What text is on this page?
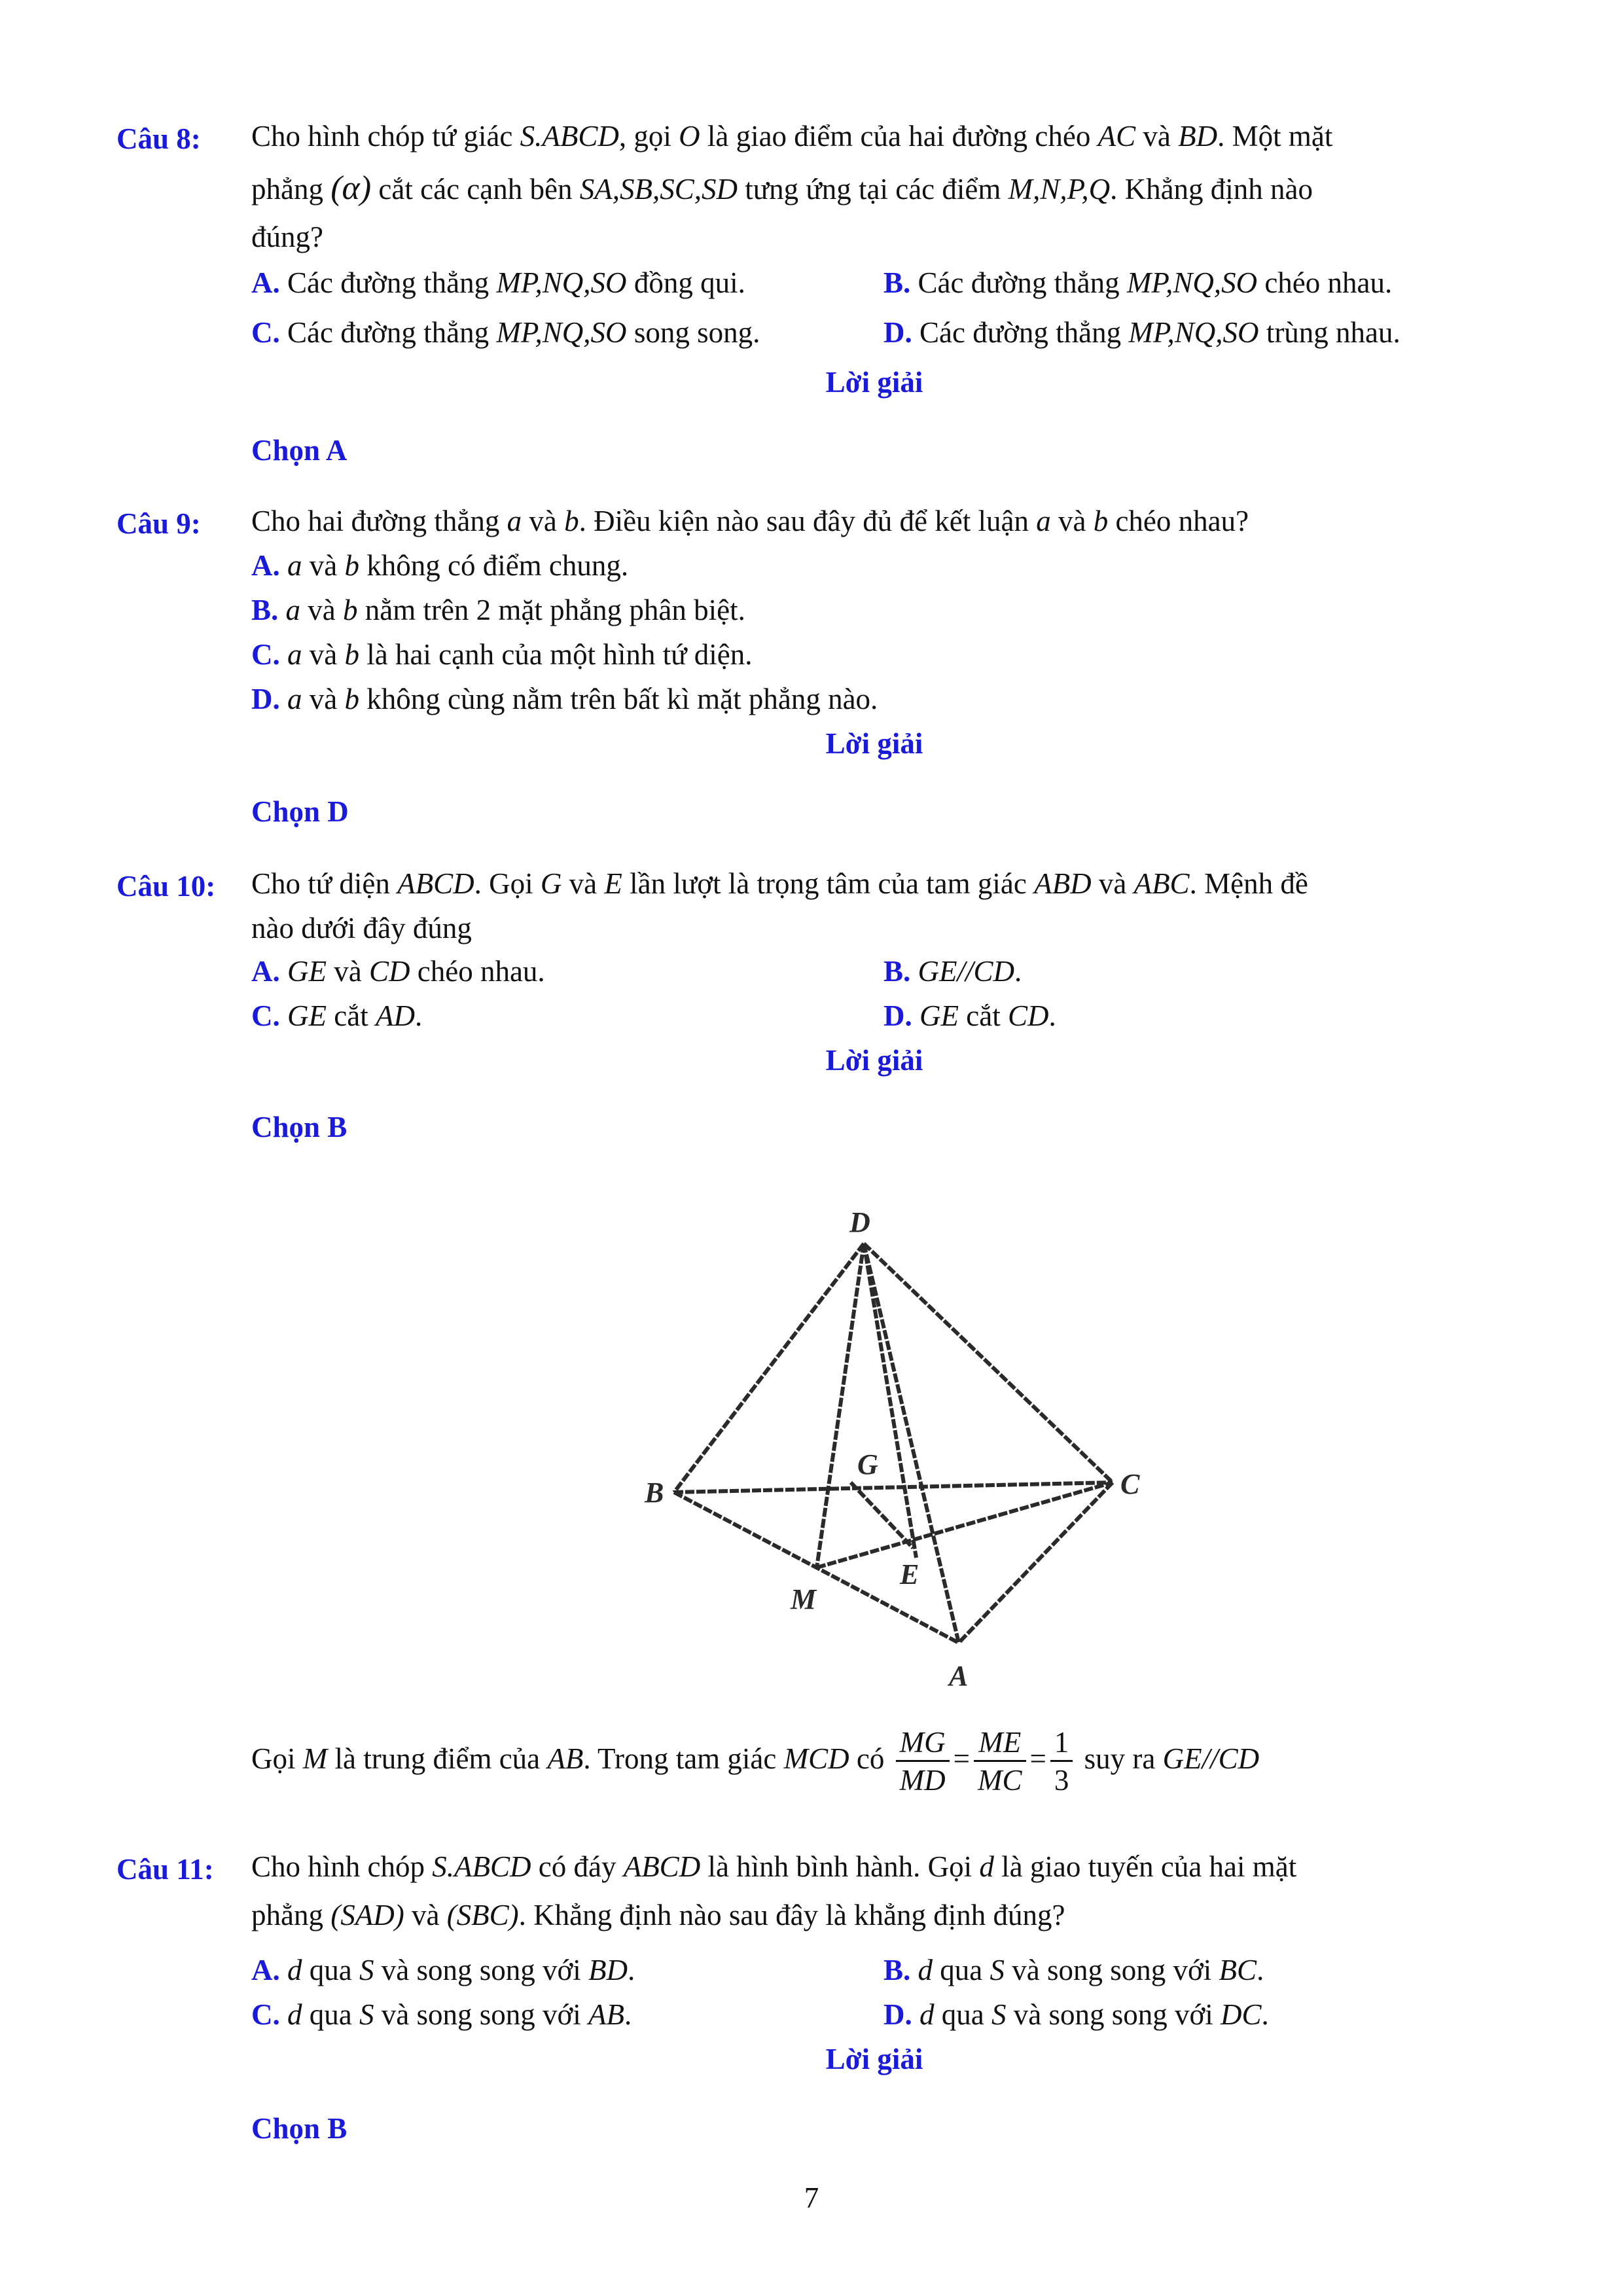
Câu 8: Cho hình chóp tứ giác S.ABCD, gọi O là giao điểm của hai đường chéo AC và BD. Một mặt
phẳng (α) cắt các cạnh bên SA,SB,SC,SD tưng ứng tại các điểm M,N,P,Q. Khẳng định nào
đúng?
A. Các đường thẳng MP,NQ,SO đồng qui.	B. Các đường thẳng MP,NQ,SO chéo nhau.
C. Các đường thẳng MP,NQ,SO song song.	D. Các đường thẳng MP,NQ,SO trùng nhau.
Lời giải
Chọn A
Câu 9: Cho hai đường thẳng a và b. Điều kiện nào sau đây đủ để kết luận a và b chéo nhau?
A. a và b không có điểm chung.
B. a và b nằm trên 2 mặt phẳng phân biệt.
C. a và b là hai cạnh của một hình tứ diện.
D. a và b không cùng nằm trên bất kì mặt phẳng nào.
Lời giải
Chọn D
Câu 10: Cho tứ diện ABCD. Gọi G và E lần lượt là trọng tâm của tam giác ABD và ABC. Mệnh đề
nào dưới đây đúng
A. GE và CD chéo nhau.	B. GE//CD.
C. GE cắt AD.	D. GE cắt CD.
Lời giải
Chọn B
D
B	C
G
E
M
A
Gọi M là trung điểm của AB. Trong tam giác MCD có $\frac{MG}{MD} = \frac{ME}{MC} = \frac{1}{3}$ suy ra GE//CD
Câu 11: Cho hình chóp S.ABCD có đáy ABCD là hình bình hành. Gọi d là giao tuyến của hai mặt
phẳng (SAD) và (SBC). Khẳng định nào sau đây là khẳng định đúng?
A. d qua S và song song với BD.	B. d qua S và song song với BC.
C. d qua S và song song với AB.	D. d qua S và song song với DC.
Lời giải
Chọn B
7
